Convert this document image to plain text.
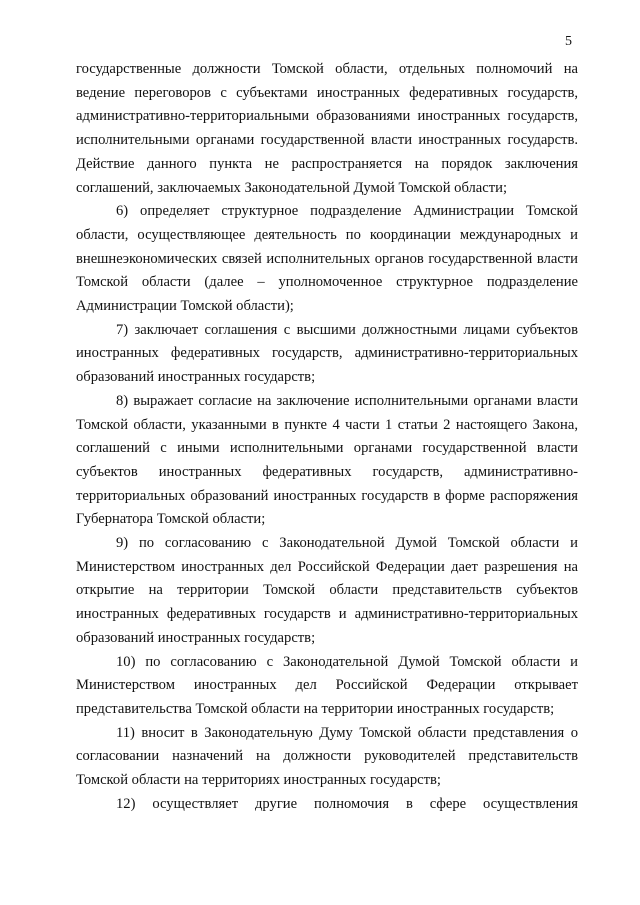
5

государственные должности Томской области, отдельных полномочий на ведение переговоров с субъектами иностранных федеративных государств, административно-территориальными образованиями иностранных государств, исполнительными органами государственной власти иностранных государств. Действие данного пункта не распространяется на порядок заключения соглашений, заключаемых Законодательной Думой Томской области;

6) определяет структурное подразделение Администрации Томской области, осуществляющее деятельность по координации международных и внешнеэкономических связей исполнительных органов государственной власти Томской области (далее – уполномоченное структурное подразделение Администрации Томской области);

7) заключает соглашения с высшими должностными лицами субъектов иностранных федеративных государств, административно-территориальных образований иностранных государств;

8) выражает согласие на заключение исполнительными органами власти Томской области, указанными в пункте 4 части 1 статьи 2 настоящего Закона, соглашений с иными исполнительными органами государственной власти субъектов иностранных федеративных государств, административно-территориальных образований иностранных государств в форме распоряжения Губернатора Томской области;

9) по согласованию с Законодательной Думой Томской области и Министерством иностранных дел Российской Федерации дает разрешения на открытие на территории Томской области представительств субъектов иностранных федеративных государств и административно-территориальных образований иностранных государств;

10) по согласованию с Законодательной Думой Томской области и Министерством иностранных дел Российской Федерации открывает представительства Томской области на территории иностранных государств;

11) вносит в Законодательную Думу Томской области представления о согласовании назначений на должности руководителей представительств Томской области на территориях иностранных государств;

12) осуществляет другие полномочия в сфере осуществления
